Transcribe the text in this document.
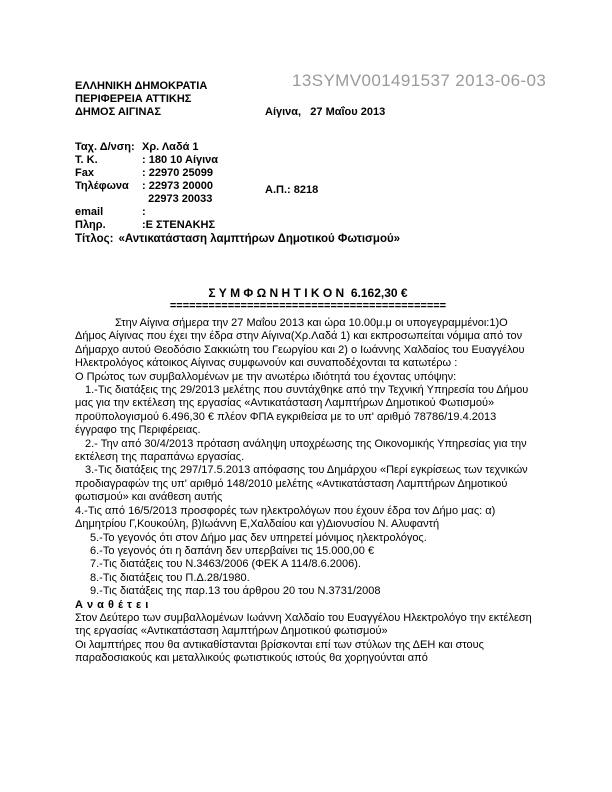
13SYMV001491537 2013-06-03
ΕΛΛΗΝΙΚΗ ΔΗΜΟΚΡΑΤΙΑ
ΠΕΡΙΦΕΡΕΙΑ ΑΤΤΙΚΗΣ
ΔΗΜΟΣ ΑΙΓΙΝΑΣ

	Αίγινα,   27 Μαΐου 2013

Α.Π.: 8218

Ταχ. Δ/νση: Χρ. Λαδά 1
Τ. Κ.	: 180 10 Αίγινα
Fax	: 22970 25099
Τηλέφωνα	: 22973 20000
22973 20033
email	:
Πληρ.	:Ε ΣΤΕΝΑΚΗΣ
Τίτλος: «Αντικατάσταση λαμπτήρων Δημοτικού Φωτισμού»
Σ Υ Μ Φ Ω Ν Η Τ Ι Κ Ο Ν  6.162,30 €
===========================================

Στην Αίγινα σήμερα την 27 Μαΐου 2013 και ώρα 10.00μ.μ οι υπογεγραμμένοι:1)Ο Δήμος Αίγινας που έχει την έδρα στην Αίγινα(Χρ.Λαδά 1) και εκπροσωπείται νόμιμα από τον Δήμαρχο αυτού Θεοδόσιο Σακκιώτη του Γεωργίου και 2) ο Ιωάννης Χαλδαίος του Ευαγγέλου Ηλεκτρολόγος κάτοικος Αίγινας συμφωνούν και συναποδέχονται τα κατωτέρω :

Ο Πρώτος των συμβαλλομένων με την ανωτέρω ιδιότητά του έχοντας υπόψην:

1.-Τις διατάξεις της 29/2013 μελέτης που συντάχθηκε από την Τεχνική Υπηρεσία του Δήμου μας για την εκτέλεση της εργασίας «Αντικατάσταση Λαμπτήρων Δημοτικού Φωτισμού» προϋπολογισμού 6.496,30 € πλέον ΦΠΑ εγκριθείσα με το υπ' αριθμό 78786/19.4.2013 έγγραφο της Περιφέρειας.

2.- Την από 30/4/2013 πρόταση ανάληψη υποχρέωσης της Οικονομικής Υπηρεσίας για την εκτέλεση της παραπάνω εργασίας.

3.-Τις διατάξεις της 297/17.5.2013 απόφασης του Δημάρχου «Περί εγκρίσεως των τεχνικών προδιαγραφών της υπ' αριθμό 148/2010 μελέτης «Αντικατάσταση Λαμπτήρων Δημοτικού φωτισμού» και ανάθεση αυτής

4.-Τις από 16/5/2013 προσφορές των ηλεκτρολόγων που έχουν έδρα τον Δήμο μας: α) Δημητρίου Γ,Κουκούλη, β)Ιωάννη Ε,Χαλδαίου και γ)Διονυσίου Ν. Αλυφαντή

5.-Το γεγονός ότι στον Δήμο μας δεν υπηρετεί μόνιμος ηλεκτρολόγος.

6.-Το γεγονός ότι η δαπάνη δεν υπερβαίνει τις 15.000,00 €

7.-Τις διατάξεις του Ν.3463/2006 (ΦΕΚ Α 114/8.6.2006).

8.-Τις διατάξεις του Π.Δ.28/1980.

9.-Τις διατάξεις της παρ.13 του άρθρου 20 του Ν.3731/2008

Α ν α θ έ τ ε ι

Στον Δεύτερο των συμβαλλομένων Ιωάννη Χαλδαίο του Ευαγγέλου Ηλεκτρολόγο την εκτέλεση της εργασίας «Αντικατάσταση λαμπτήρων Δημοτικού φωτισμού»

Οι λαμπτήρες που θα αντικαθίστανται βρίσκονται επί των στύλων της ΔΕΗ και στους παραδοσιακούς και μεταλλικούς φωτιστικούς ιστούς θα χορηγούνται από
